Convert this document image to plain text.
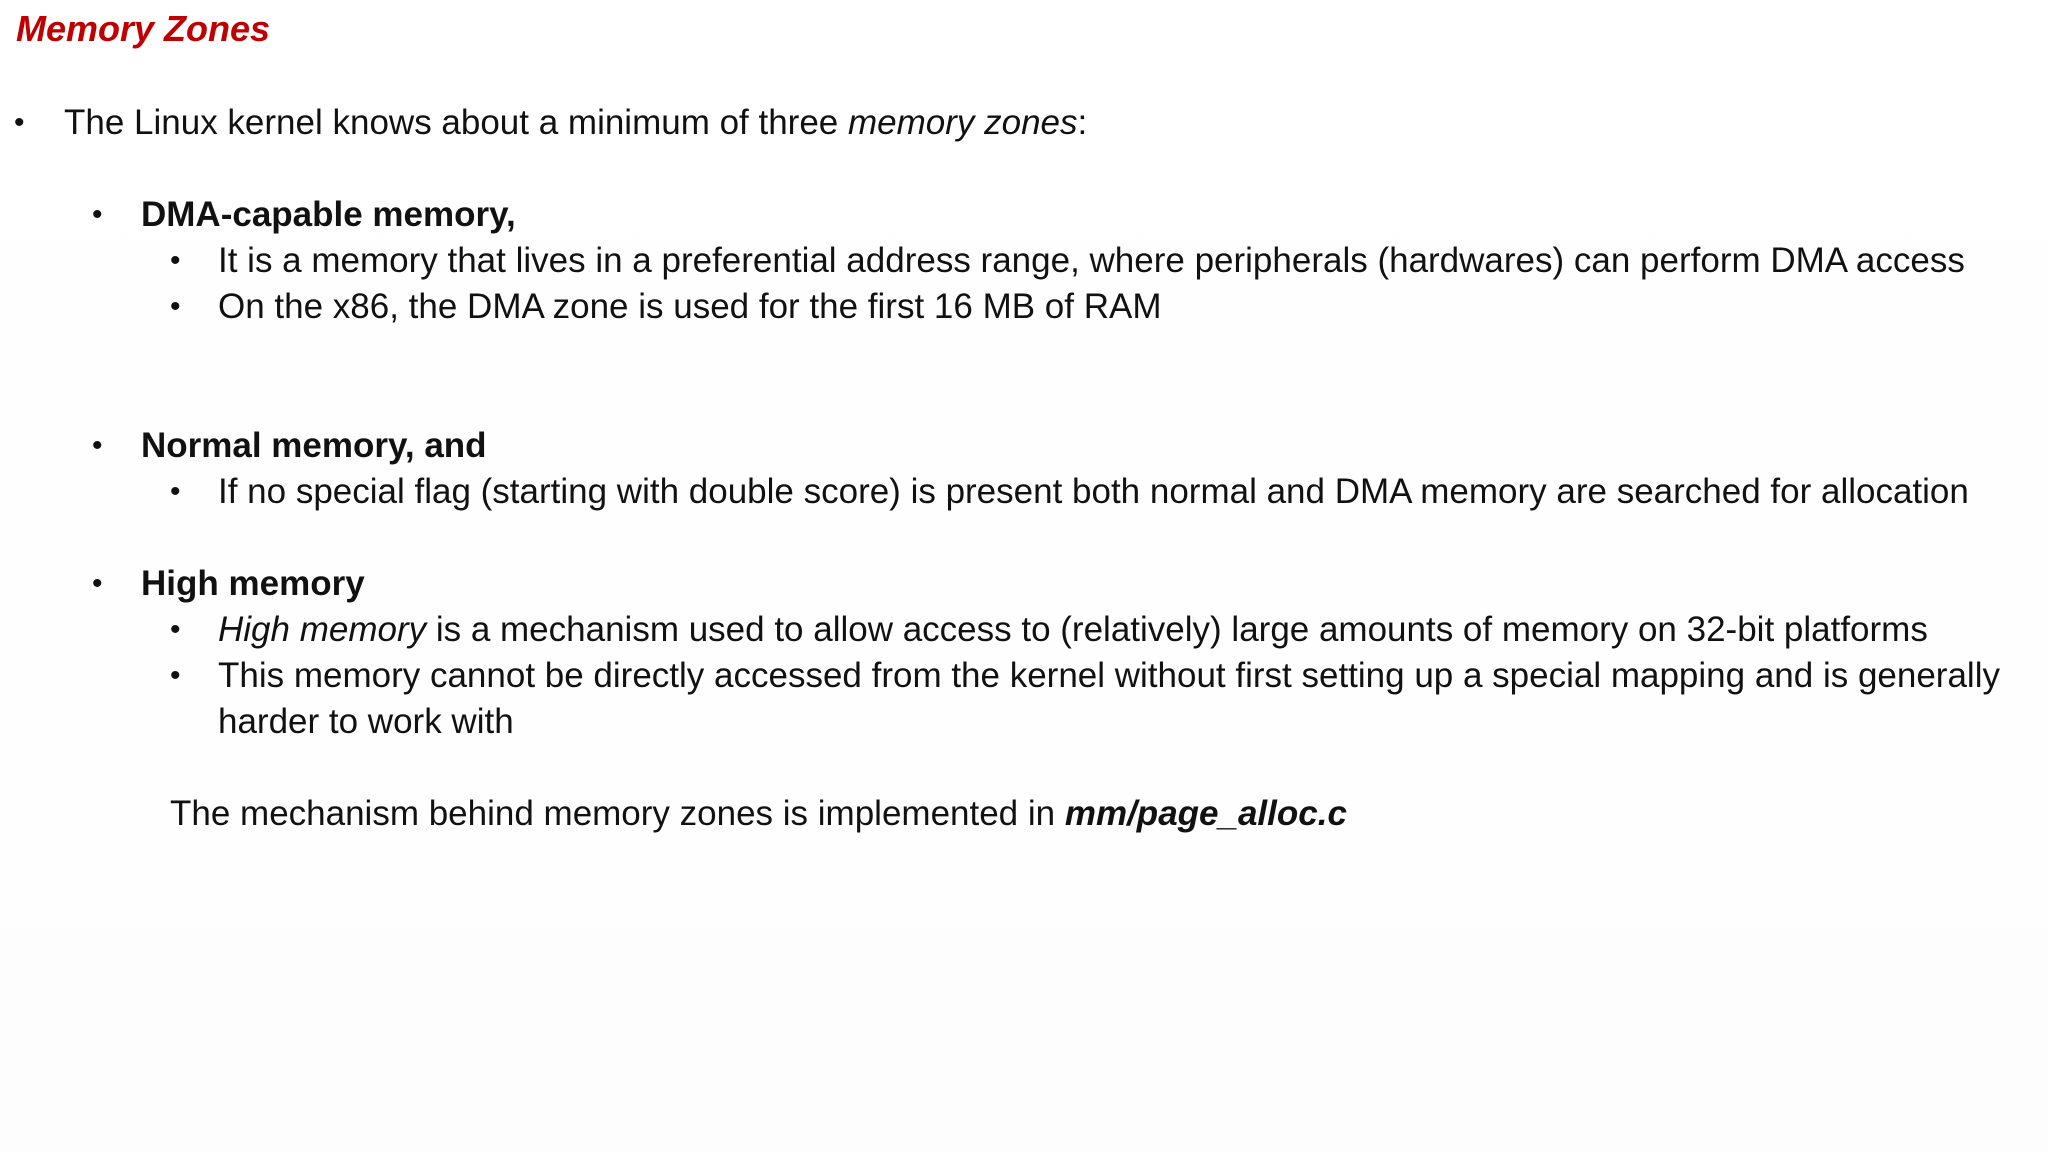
Memory Zones
• The Linux kernel knows about a minimum of three memory zones:
• DMA-capable memory,
• It is a memory that lives in a preferential address range, where peripherals (hardwares) can perform DMA access
• On the x86, the DMA zone is used for the first 16 MB of RAM
• Normal memory, and
• If no special flag (starting with double score) is present both normal and DMA memory are searched for allocation
• High memory
• High memory is a mechanism used to allow access to (relatively) large amounts of memory on 32-bit platforms
• This memory cannot be directly accessed from the kernel without first setting up a special mapping and is generally
harder to work with
The mechanism behind memory zones is implemented in mm/page_alloc.c
